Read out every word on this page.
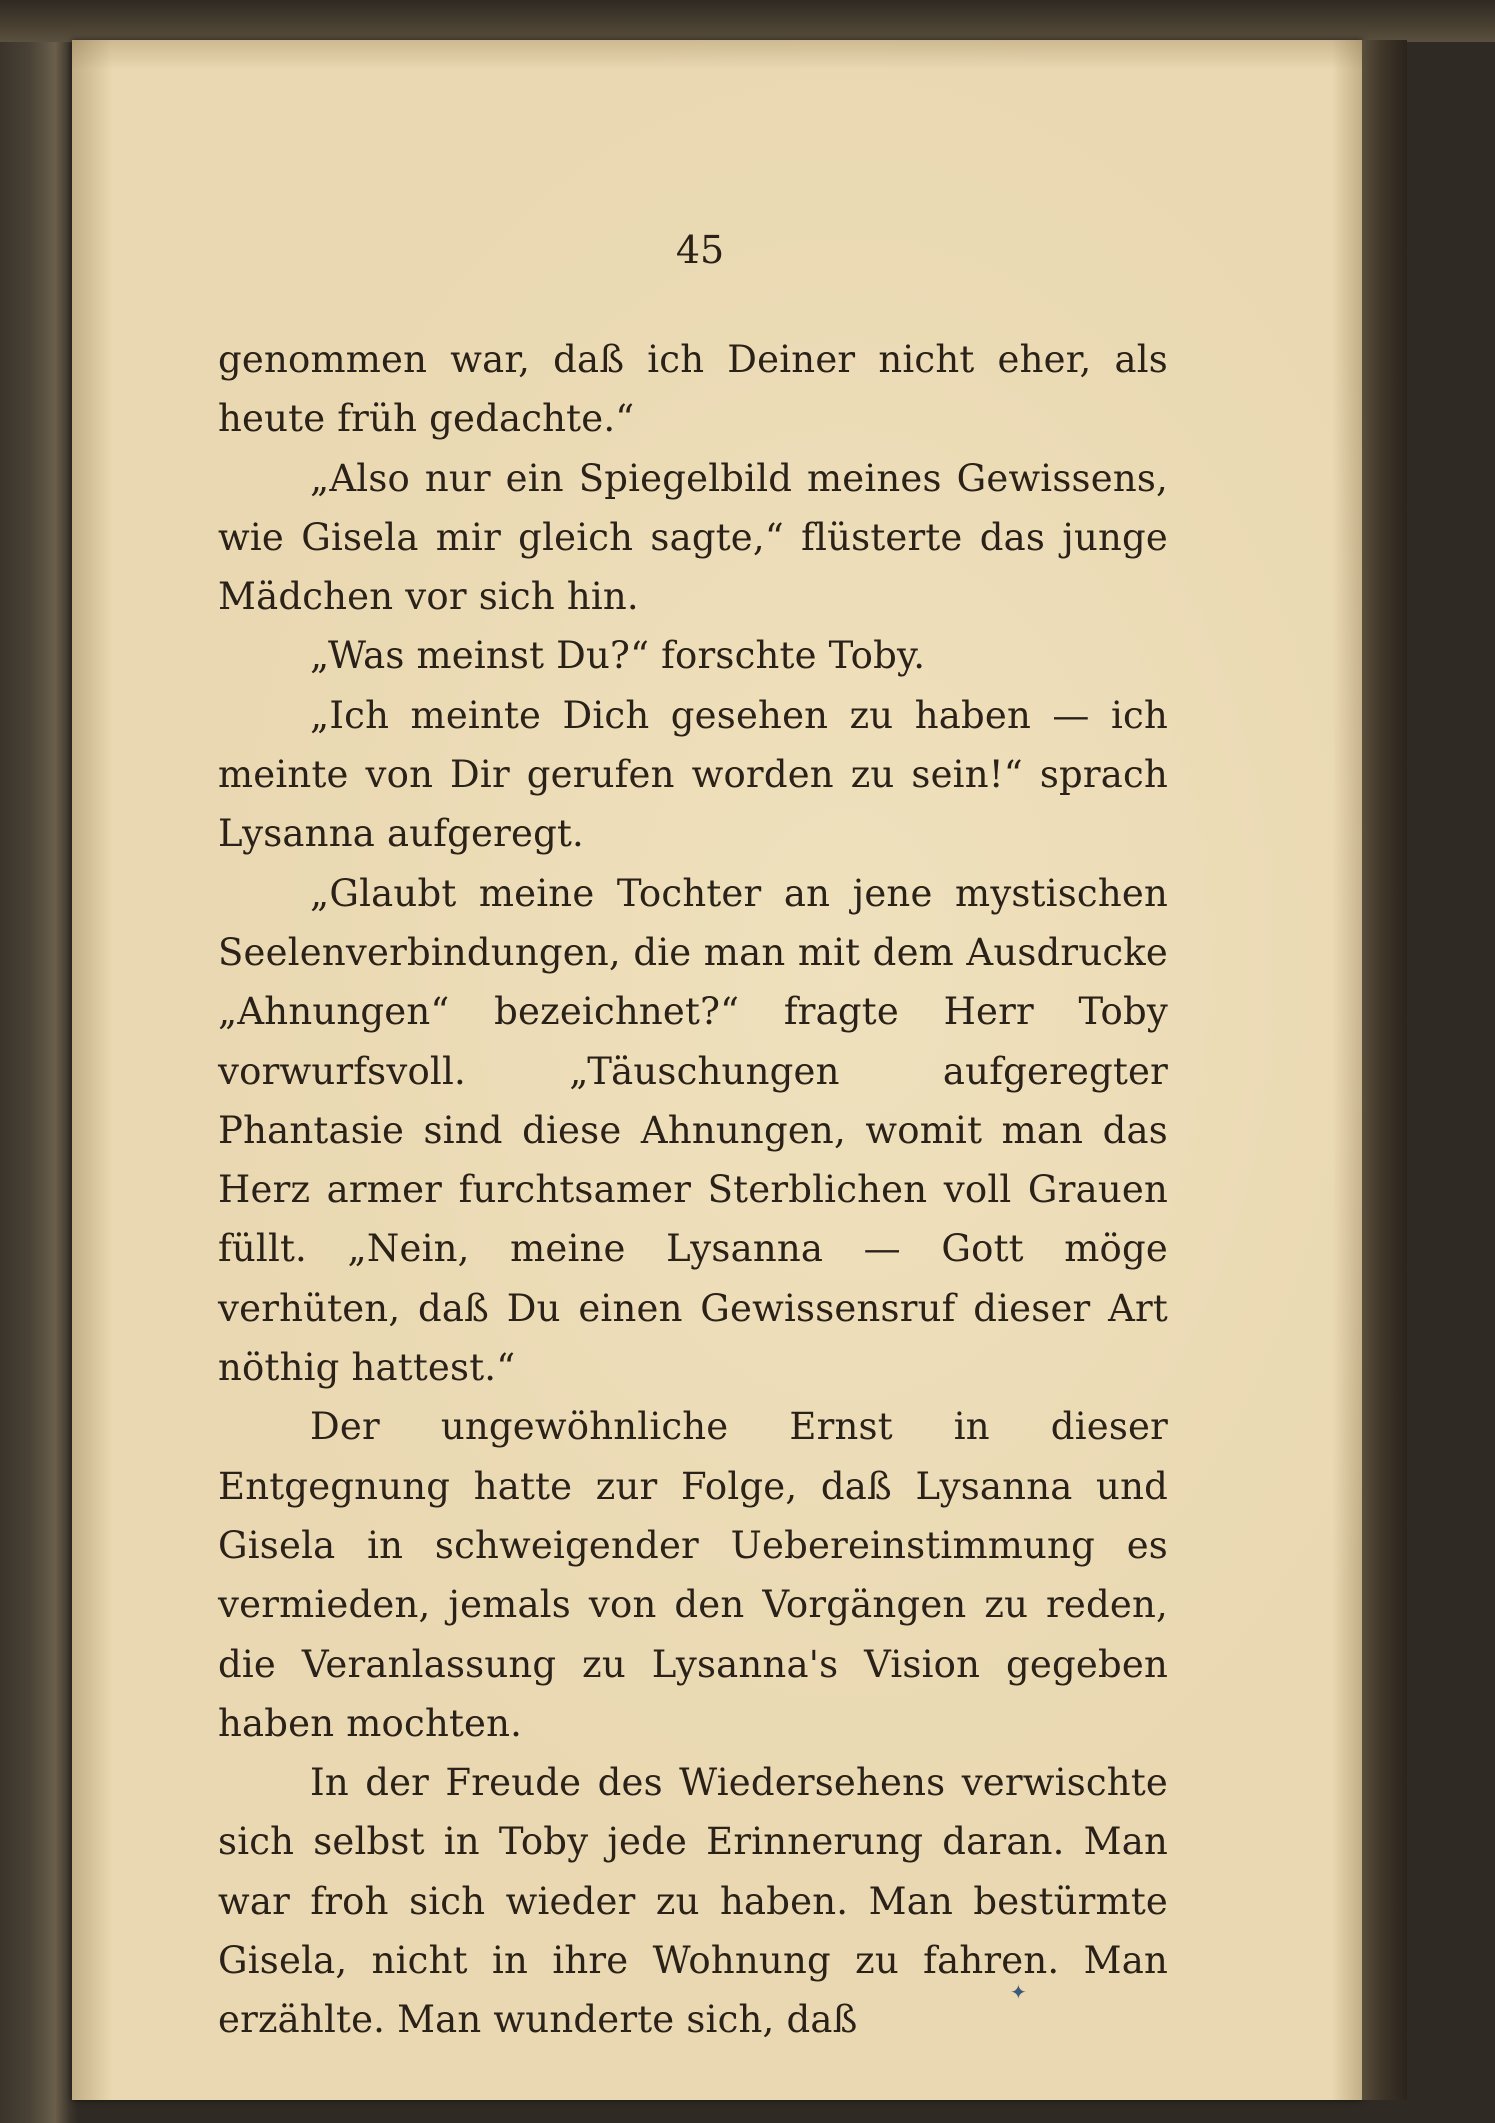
45

genommen war, daß ich Deiner nicht eher, als heute früh gedachte.“

„Also nur ein Spiegelbild meines Gewissens, wie Gisela mir gleich sagte,“ flüsterte das junge Mädchen vor sich hin.

„Was meinst Du?“ forschte Toby.

„Ich meinte Dich gesehen zu haben — ich meinte von Dir gerufen worden zu sein!“ sprach Lysanna aufgeregt.

„Glaubt meine Tochter an jene mystischen Seelenverbindungen, die man mit dem Ausdrucke „Ahnungen“ bezeichnet?“ fragte Herr Toby vorwurfsvoll. „Täuschungen aufgeregter Phantasie sind diese Ahnungen, womit man das Herz armer furchtsamer Sterblichen voll Grauen füllt. „Nein, meine Lysanna — Gott möge verhüten, daß Du einen Gewissensruf dieser Art nöthig hattest.“

Der ungewöhnliche Ernst in dieser Entgegnung hatte zur Folge, daß Lysanna und Gisela in schweigender Uebereinstimmung es vermieden, jemals von den Vorgängen zu reden, die Veranlassung zu Lysanna's Vision gegeben haben mochten.

In der Freude des Wiedersehens verwischte sich selbst in Toby jede Erinnerung daran. Man war froh sich wieder zu haben. Man bestürmte Gisela, nicht in ihre Wohnung zu fahren. Man erzählte. Man wunderte sich, daß

✦
